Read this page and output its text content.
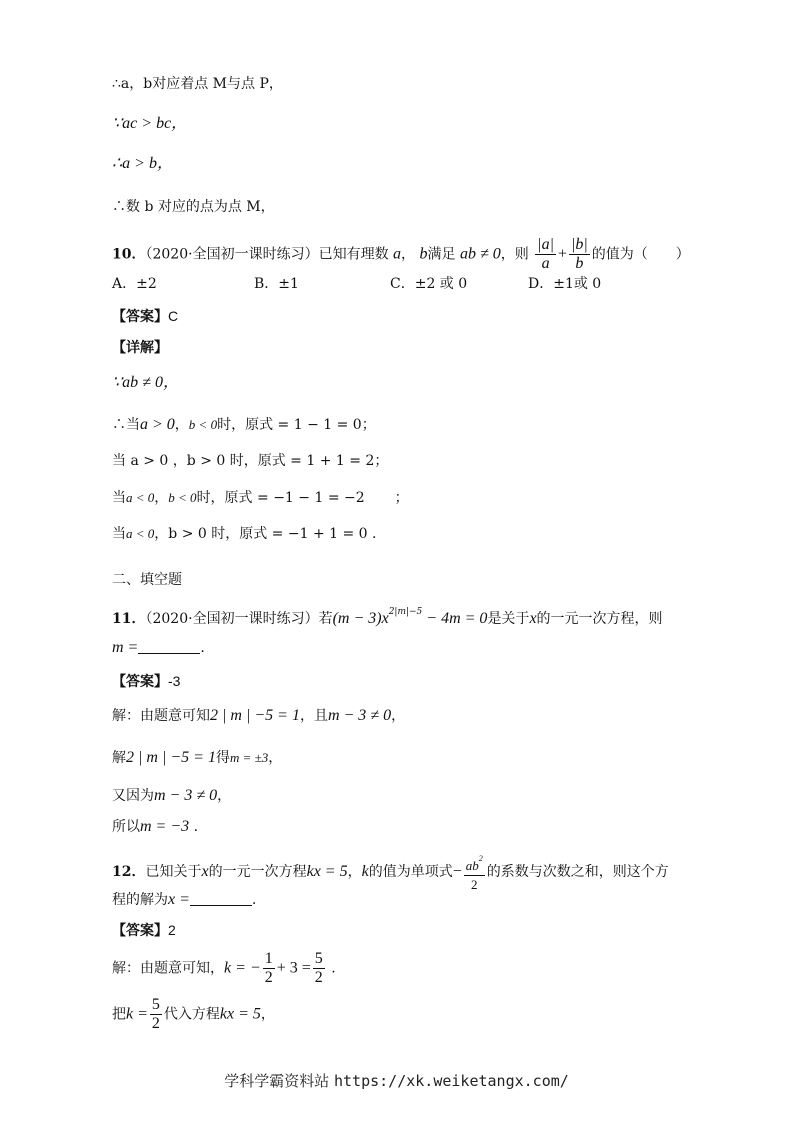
∴a，b对应着点 M与点 P，
∵ac > bc，
∴a > b，
∴数 b 对应的点为点 M，
10．（2020·全国初一课时练习）已知有理数 a， b满足 ab ≠ 0，则 $\frac{|a|}{a} + \frac{|b|}{b}$ 的值为（　　）
A．±2	B．±1	C．±2 或 0	D．±1或 0
【答案】C
【详解】
∵ab ≠ 0，
∴当a > 0，b < 0时，原式 = 1 − 1 = 0；
当 a > 0 ，b > 0 时，原式 = 1 + 1 = 2；
当a < 0，b < 0时，原式 = −1 − 1 = −2 ；
当a < 0，b > 0 时，原式 = −1 + 1 = 0 .
二、填空题
11．（2020·全国初一课时练习）若$(m - 3)x^{2|m|-5} - 4m = 0$是关于x的一元一次方程，则
m =	.
【答案】-3
解：由题意可知2 | m | −5 = 1，且m − 3 ≠ 0，
解2 | m | −5 = 1得m = ±3，
又因为m − 3 ≠ 0，
所以m = −3 .
12．已知关于x的一元一次方程kx = 5，k的值为单项式− $\frac{ab^2}{2}$ 的系数与次数之和，则这个方
程的解为x =	.
【答案】2
解：由题意可知，k = − $\frac{1}{2} + 3 = \frac{5}{2}$ .
把$k = \frac{5}{2}$ 代入方程kx = 5，
学科学霸资料站 https://xk.weiketangx.com/
